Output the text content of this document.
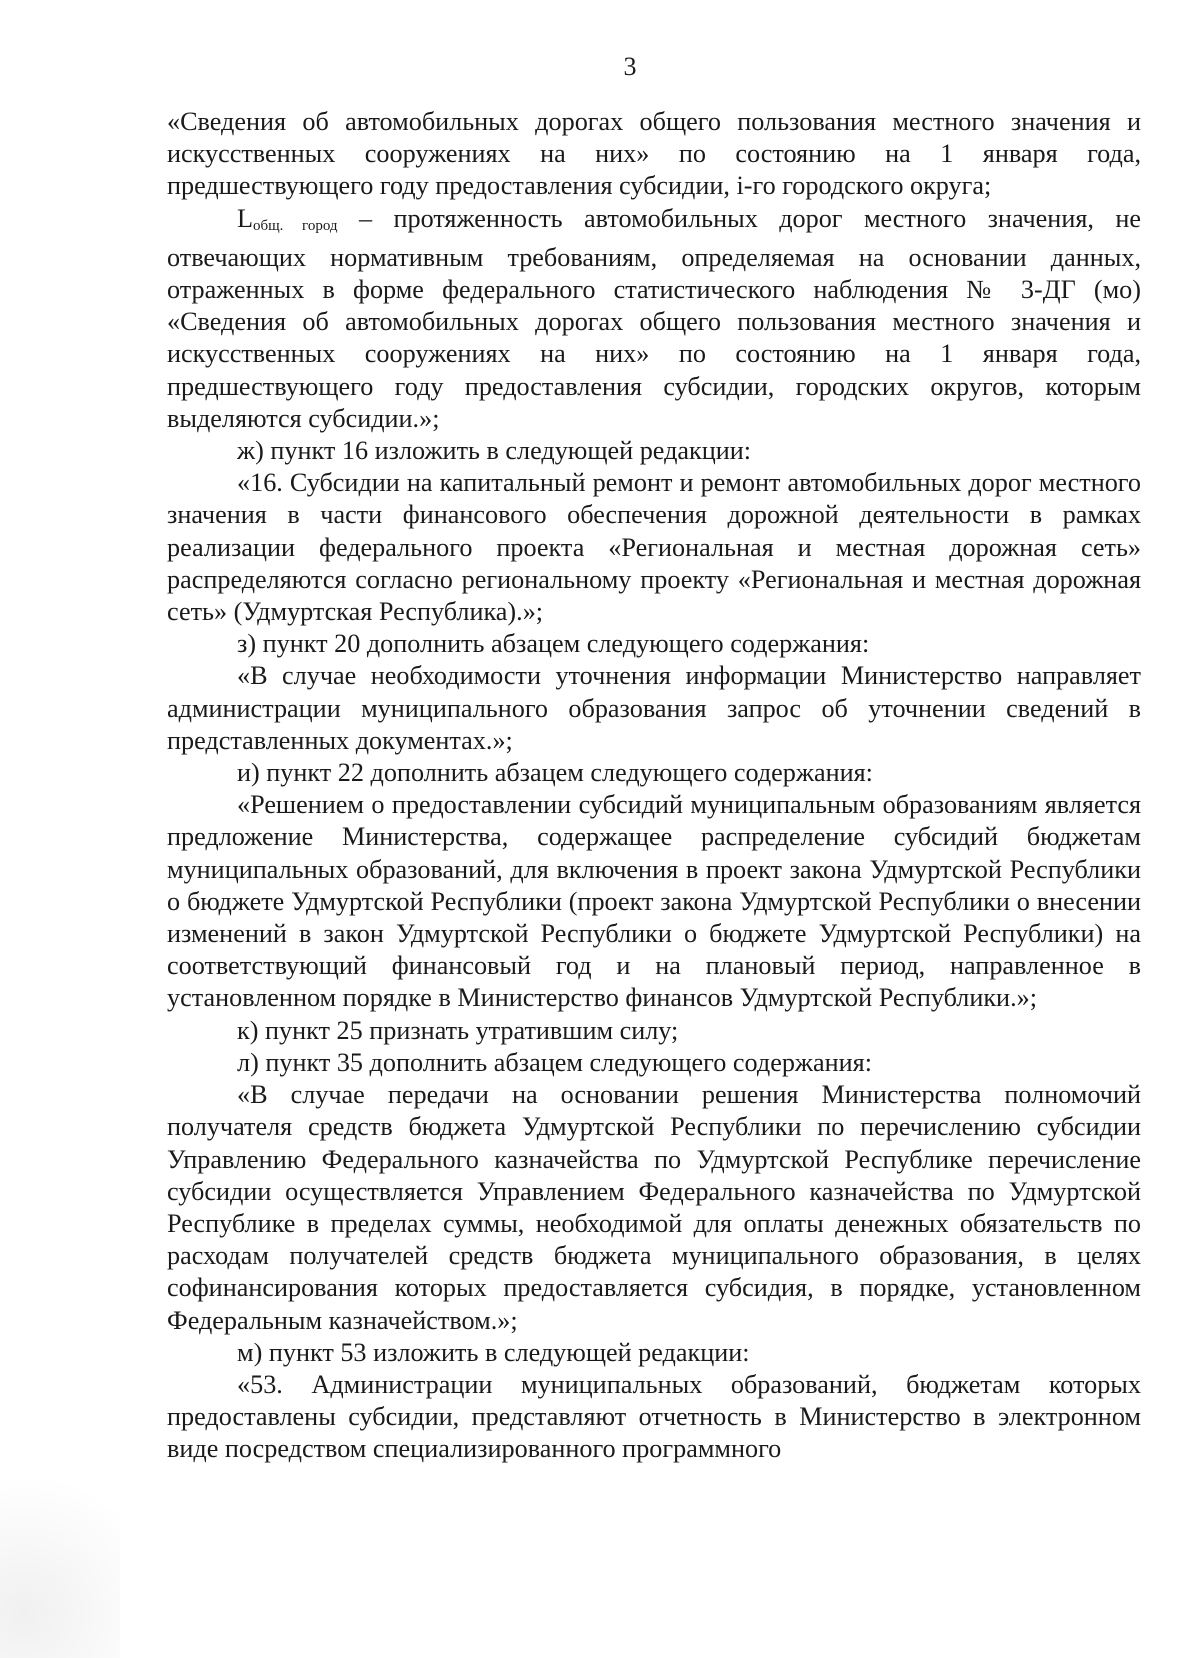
3

«Сведения об автомобильных дорогах общего пользования местного значения и искусственных сооружениях на них» по состоянию на 1 января года, предшествующего году предоставления субсидии, i-го городского округа;

$L_{общ. город}$ – протяженность автомобильных дорог местного значения, не отвечающих нормативным требованиям, определяемая на основании данных, отраженных в форме федерального статистического наблюдения № 3-ДГ (мо) «Сведения об автомобильных дорогах общего пользования местного значения и искусственных сооружениях на них» по состоянию на 1 января года, предшествующего году предоставления субсидии, городских округов, которым выделяются субсидии.»;

ж) пункт 16 изложить в следующей редакции:

«16. Субсидии на капитальный ремонт и ремонт автомобильных дорог местного значения в части финансового обеспечения дорожной деятельности в рамках реализации федерального проекта «Региональная и местная дорожная сеть» распределяются согласно региональному проекту «Региональная и местная дорожная сеть» (Удмуртская Республика).»;

з) пункт 20 дополнить абзацем следующего содержания:

«В случае необходимости уточнения информации Министерство направляет администрации муниципального образования запрос об уточнении сведений в представленных документах.»;

и) пункт 22 дополнить абзацем следующего содержания:

«Решением о предоставлении субсидий муниципальным образованиям является предложение Министерства, содержащее распределение субсидий бюджетам муниципальных образований, для включения в проект закона Удмуртской Республики о бюджете Удмуртской Республики (проект закона Удмуртской Республики о внесении изменений в закон Удмуртской Республики о бюджете Удмуртской Республики) на соответствующий финансовый год и на плановый период, направленное в установленном порядке в Министерство финансов Удмуртской Республики.»;

к) пункт 25 признать утратившим силу;

л) пункт 35 дополнить абзацем следующего содержания:

«В случае передачи на основании решения Министерства полномочий получателя средств бюджета Удмуртской Республики по перечислению субсидии Управлению Федерального казначейства по Удмуртской Республике перечисление субсидии осуществляется Управлением Федерального казначейства по Удмуртской Республике в пределах суммы, необходимой для оплаты денежных обязательств по расходам получателей средств бюджета муниципального образования, в целях софинансирования которых предоставляется субсидия, в порядке, установленном Федеральным казначейством.»;

м) пункт 53 изложить в следующей редакции:

«53. Администрации муниципальных образований, бюджетам которых предоставлены субсидии, представляют отчетность в Министерство в электронном виде посредством специализированного программного
